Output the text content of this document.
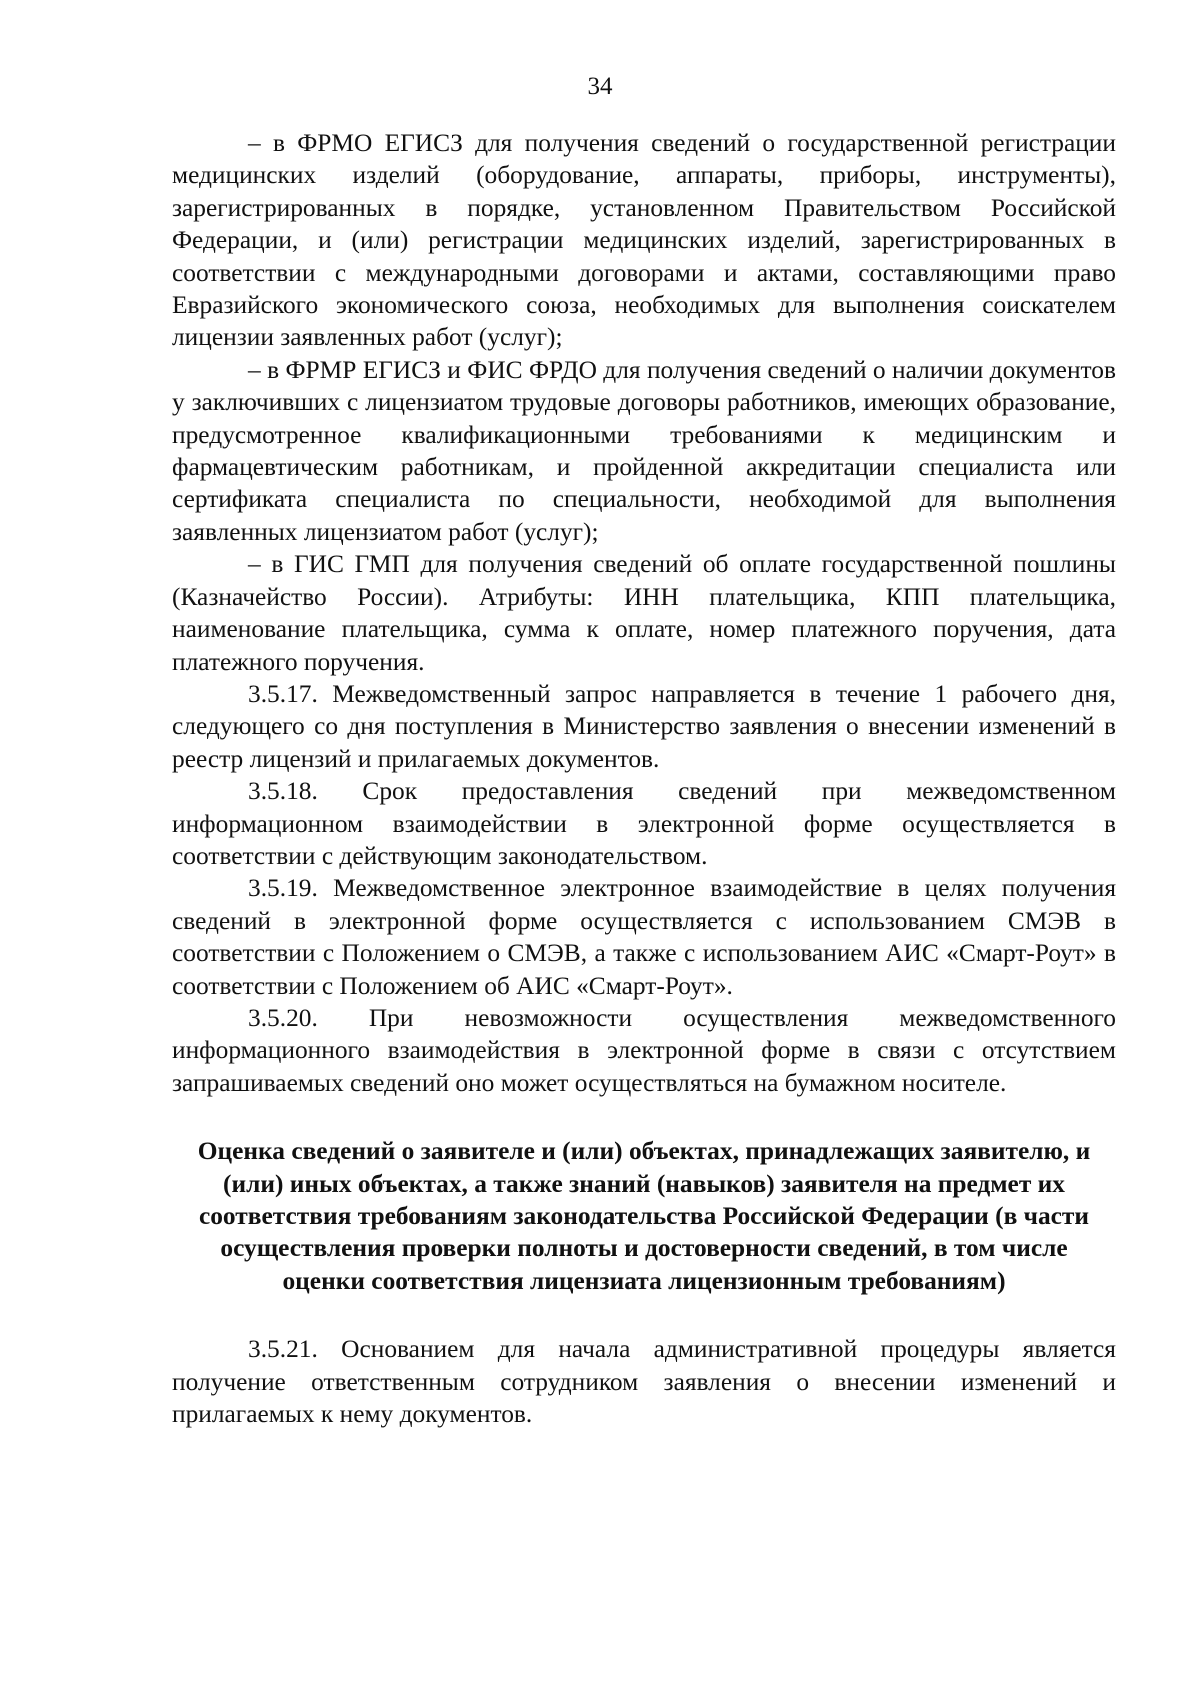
34

– в ФРМО ЕГИСЗ для получения сведений о государственной регистрации медицинских изделий (оборудование, аппараты, приборы, инструменты), зарегистрированных в порядке, установленном Правительством Российской Федерации, и (или) регистрации медицинских изделий, зарегистрированных в соответствии с международными договорами и актами, составляющими право Евразийского экономического союза, необходимых для выполнения соискателем лицензии заявленных работ (услуг);

– в ФРМР ЕГИСЗ и ФИС ФРДО для получения сведений о наличии документов у заключивших с лицензиатом трудовые договоры работников, имеющих образование, предусмотренное квалификационными требованиями к медицинским и фармацевтическим работникам, и пройденной аккредитации специалиста или сертификата специалиста по специальности, необходимой для выполнения заявленных лицензиатом работ (услуг);

– в ГИС ГМП для получения сведений об оплате государственной пошлины (Казначейство России). Атрибуты: ИНН плательщика, КПП плательщика, наименование плательщика, сумма к оплате, номер платежного поручения, дата платежного поручения.

3.5.17. Межведомственный запрос направляется в течение 1 рабочего дня, следующего со дня поступления в Министерство заявления о внесении изменений в реестр лицензий и прилагаемых документов.

3.5.18. Срок предоставления сведений при межведомственном информационном взаимодействии в электронной форме осуществляется в соответствии с действующим законодательством.

3.5.19. Межведомственное электронное взаимодействие в целях получения сведений в электронной форме осуществляется с использованием СМЭВ в соответствии с Положением о СМЭВ, а также с использованием АИС «Смарт-Роут» в соответствии с Положением об АИС «Смарт-Роут».

3.5.20. При невозможности осуществления межведомственного информационного взаимодействия в электронной форме в связи с отсутствием запрашиваемых сведений оно может осуществляться на бумажном носителе.

Оценка сведений о заявителе и (или) объектах, принадлежащих заявителю, и (или) иных объектах, а также знаний (навыков) заявителя на предмет их соответствия требованиям законодательства Российской Федерации (в части осуществления проверки полноты и достоверности сведений, в том числе оценки соответствия лицензиата лицензионным требованиям)

3.5.21. Основанием для начала административной процедуры является получение ответственным сотрудником заявления о внесении изменений и прилагаемых к нему документов.
